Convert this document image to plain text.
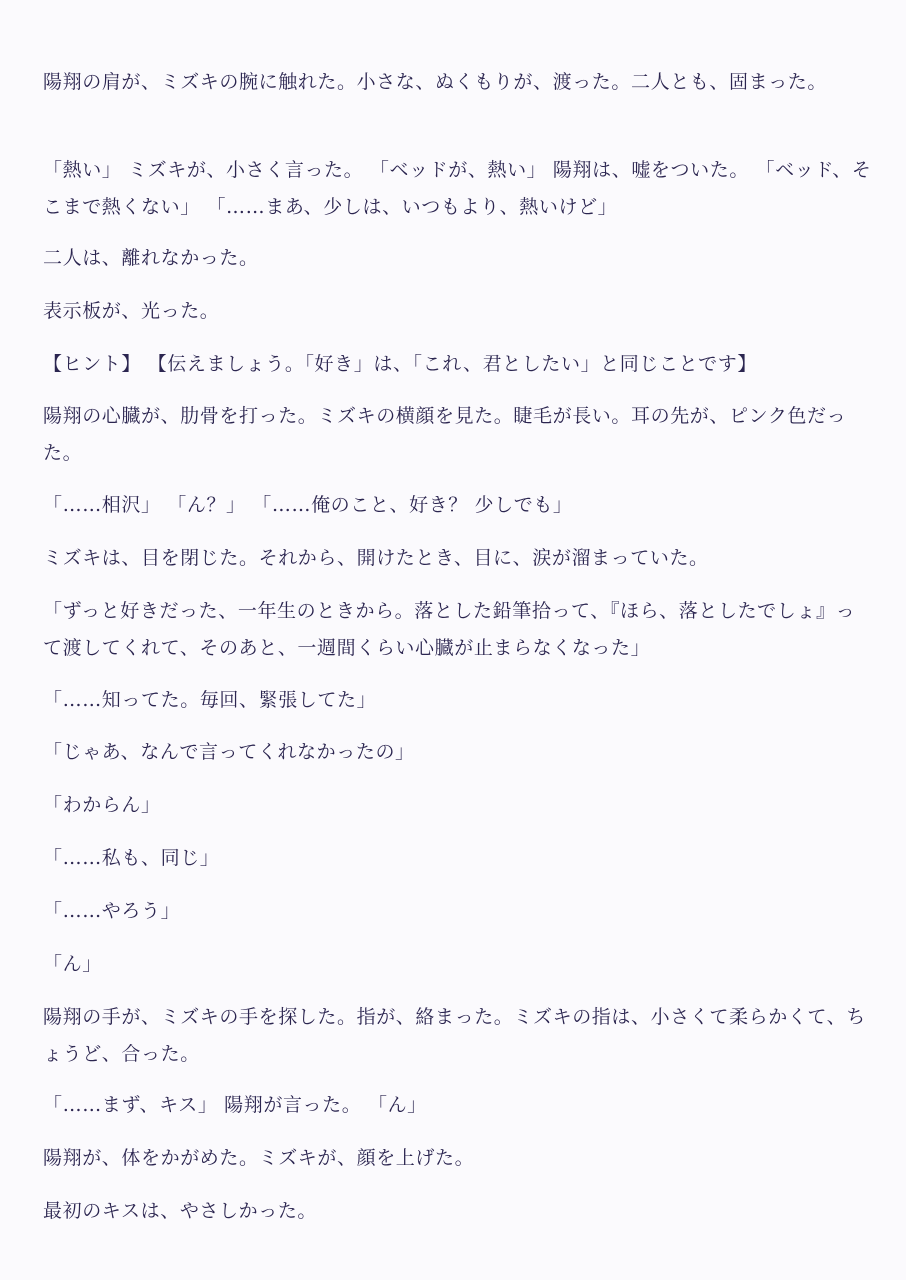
陽翔の肩が、ミズキの腕に触れた。小さな、ぬくもりが、渡った。二人とも、固まった。

「熱い」 ミズキが、小さく言った。 「ベッドが、熱い」 陽翔は、嘘をついた。 「ベッド、そこまで熱くない」 「……まあ、少しは、いつもより、熱いけど」

二人は、離れなかった。

表示板が、光った。

【ヒント】 【伝えましょう。「好き」は、「これ、君としたい」と同じことです】

陽翔の心臓が、肋骨を打った。ミズキの横顔を見た。睫毛が長い。耳の先が、ピンク色だった。

「……相沢」 「ん？」 「……俺のこと、好き？ 少しでも」

ミズキは、目を閉じた。それから、開けたとき、目に、涙が溜まっていた。

「ずっと好きだった、一年生のときから。落とした鉛筆拾って、『ほら、落としたでしょ』って渡してくれて、そのあと、一週間くらい心臓が止まらなくなった」

「……知ってた。毎回、緊張してた」

「じゃあ、なんで言ってくれなかったの」

「わからん」

「……私も、同じ」

「……やろう」

「ん」

陽翔の手が、ミズキの手を探した。指が、絡まった。ミズキの指は、小さくて柔らかくて、ちょうど、合った。

「……まず、キス」 陽翔が言った。 「ん」

陽翔が、体をかがめた。ミズキが、顔を上げた。

最初のキスは、やさしかった。
